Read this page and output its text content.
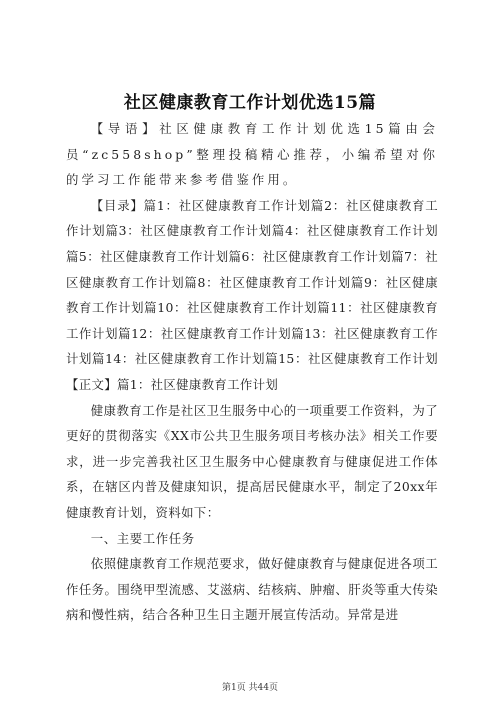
社区健康教育工作计划优选15篇

【导语】社区健康教育工作计划优选15篇由会员“zc558shop”整理投稿精心推荐，小编希望对你的学习工作能带来参考借鉴作用。

【目录】篇1：社区健康教育工作计划篇2：社区健康教育工作计划篇3：社区健康教育工作计划篇4：社区健康教育工作计划篇5：社区健康教育工作计划篇6：社区健康教育工作计划篇7：社区健康教育工作计划篇8：社区健康教育工作计划篇9：社区健康教育工作计划篇10：社区健康教育工作计划篇11：社区健康教育工作计划篇12：社区健康教育工作计划篇13：社区健康教育工作计划篇14：社区健康教育工作计划篇15：社区健康教育工作计划【正文】篇1：社区健康教育工作计划

健康教育工作是社区卫生服务中心的一项重要工作资料，为了更好的贯彻落实《XX市公共卫生服务项目考核办法》相关工作要求，进一步完善我社区卫生服务中心健康教育与健康促进工作体系，在辖区内普及健康知识，提高居民健康水平，制定了20xx年健康教育计划，资料如下：

一、主要工作任务

依照健康教育工作规范要求，做好健康教育与健康促进各项工作任务。围绕甲型流感、艾滋病、结核病、肿瘤、肝炎等重大传染病和慢性病，结合各种卫生日主题开展宣传活动。异常是进

第1页 共44页
